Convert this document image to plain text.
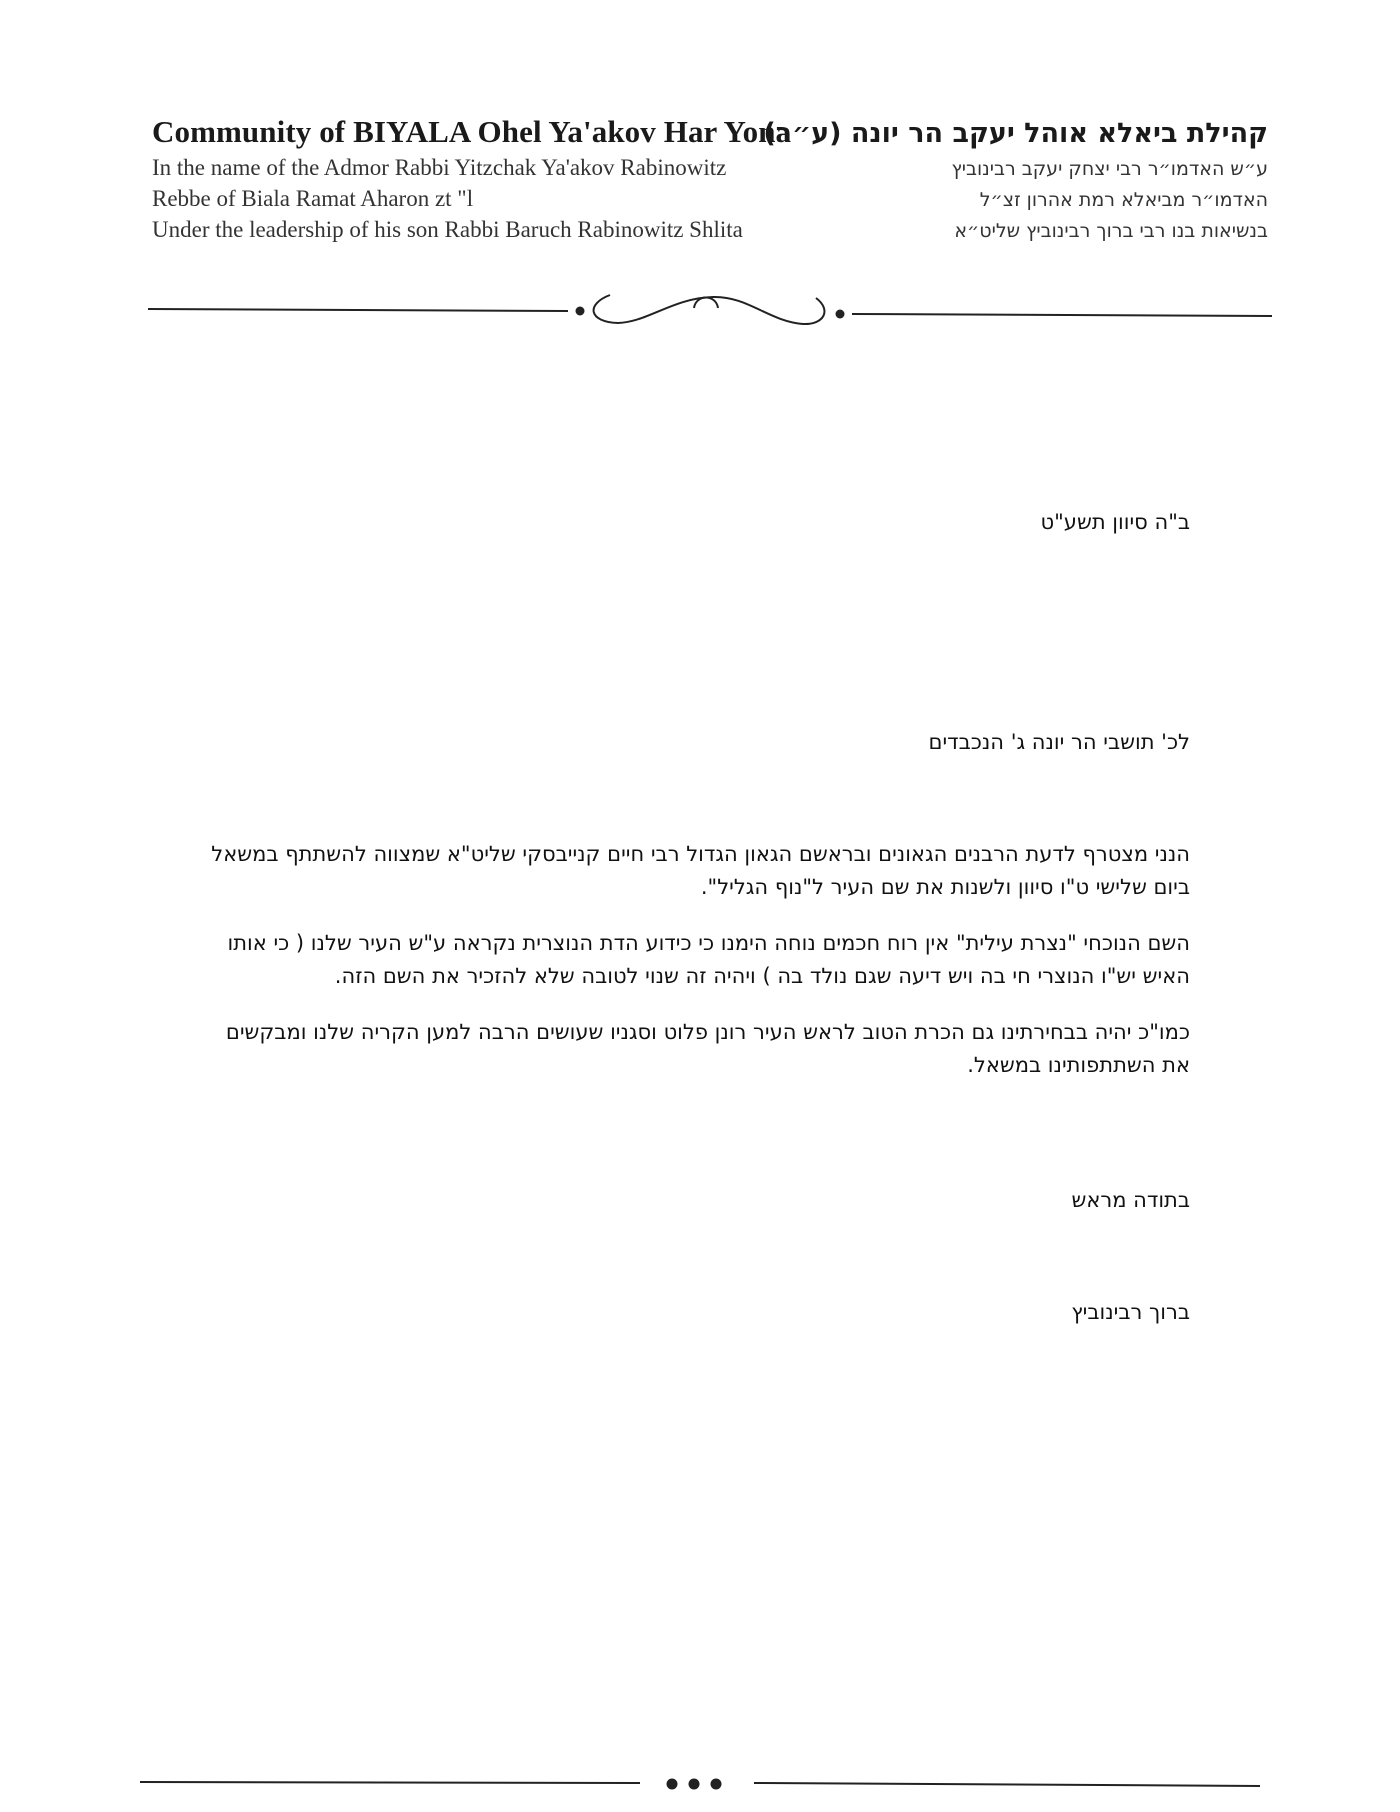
Community of BIYALA Ohel Ya'akov Har Yona
In the name of the Admor Rabbi Yitzchak Ya'akov Rabinowitz
Rebbe of Biala Ramat Aharon zt "l
Under the leadership of his son Rabbi Baruch Rabinowitz Shlita
קהילת ביאלא אוהל יעקב הר יונה (ע״ר)
ע״ש האדמו״ר רבי יצחק יעקב רבינוביץ
האדמו״ר מביאלא רמת אהרון זצ״ל
בנשיאות בנו רבי ברוך רבינוביץ שליט״א
ב"ה סיוון תשע"ט
לכ' תושבי הר יונה ג' הנכבדים

הנני מצטרף לדעת הרבנים הגאונים ובראשם הגאון הגדול רבי חיים קנייבסקי שליט"א שמצווה להשתתף במשאל ביום שלישי ט"ו סיוון ולשנות את שם העיר ל"נוף הגליל".

השם הנוכחי "נצרת עילית" אין רוח חכמים נוחה הימנו כי כידוע הדת הנוצרית נקראה ע"ש העיר שלנו ( כי אותו האיש יש"ו הנוצרי חי בה ויש דיעה שגם נולד בה ) ויהיה זה שנוי לטובה שלא להזכיר את השם הזה.

כמו"כ יהיה בבחירתינו גם הכרת הטוב לראש העיר רונן פלוט וסגניו שעושים הרבה למען הקריה שלנו ומבקשים את השתתפותינו במשאל.

בתודה מראש
ברוך רבינוביץ
